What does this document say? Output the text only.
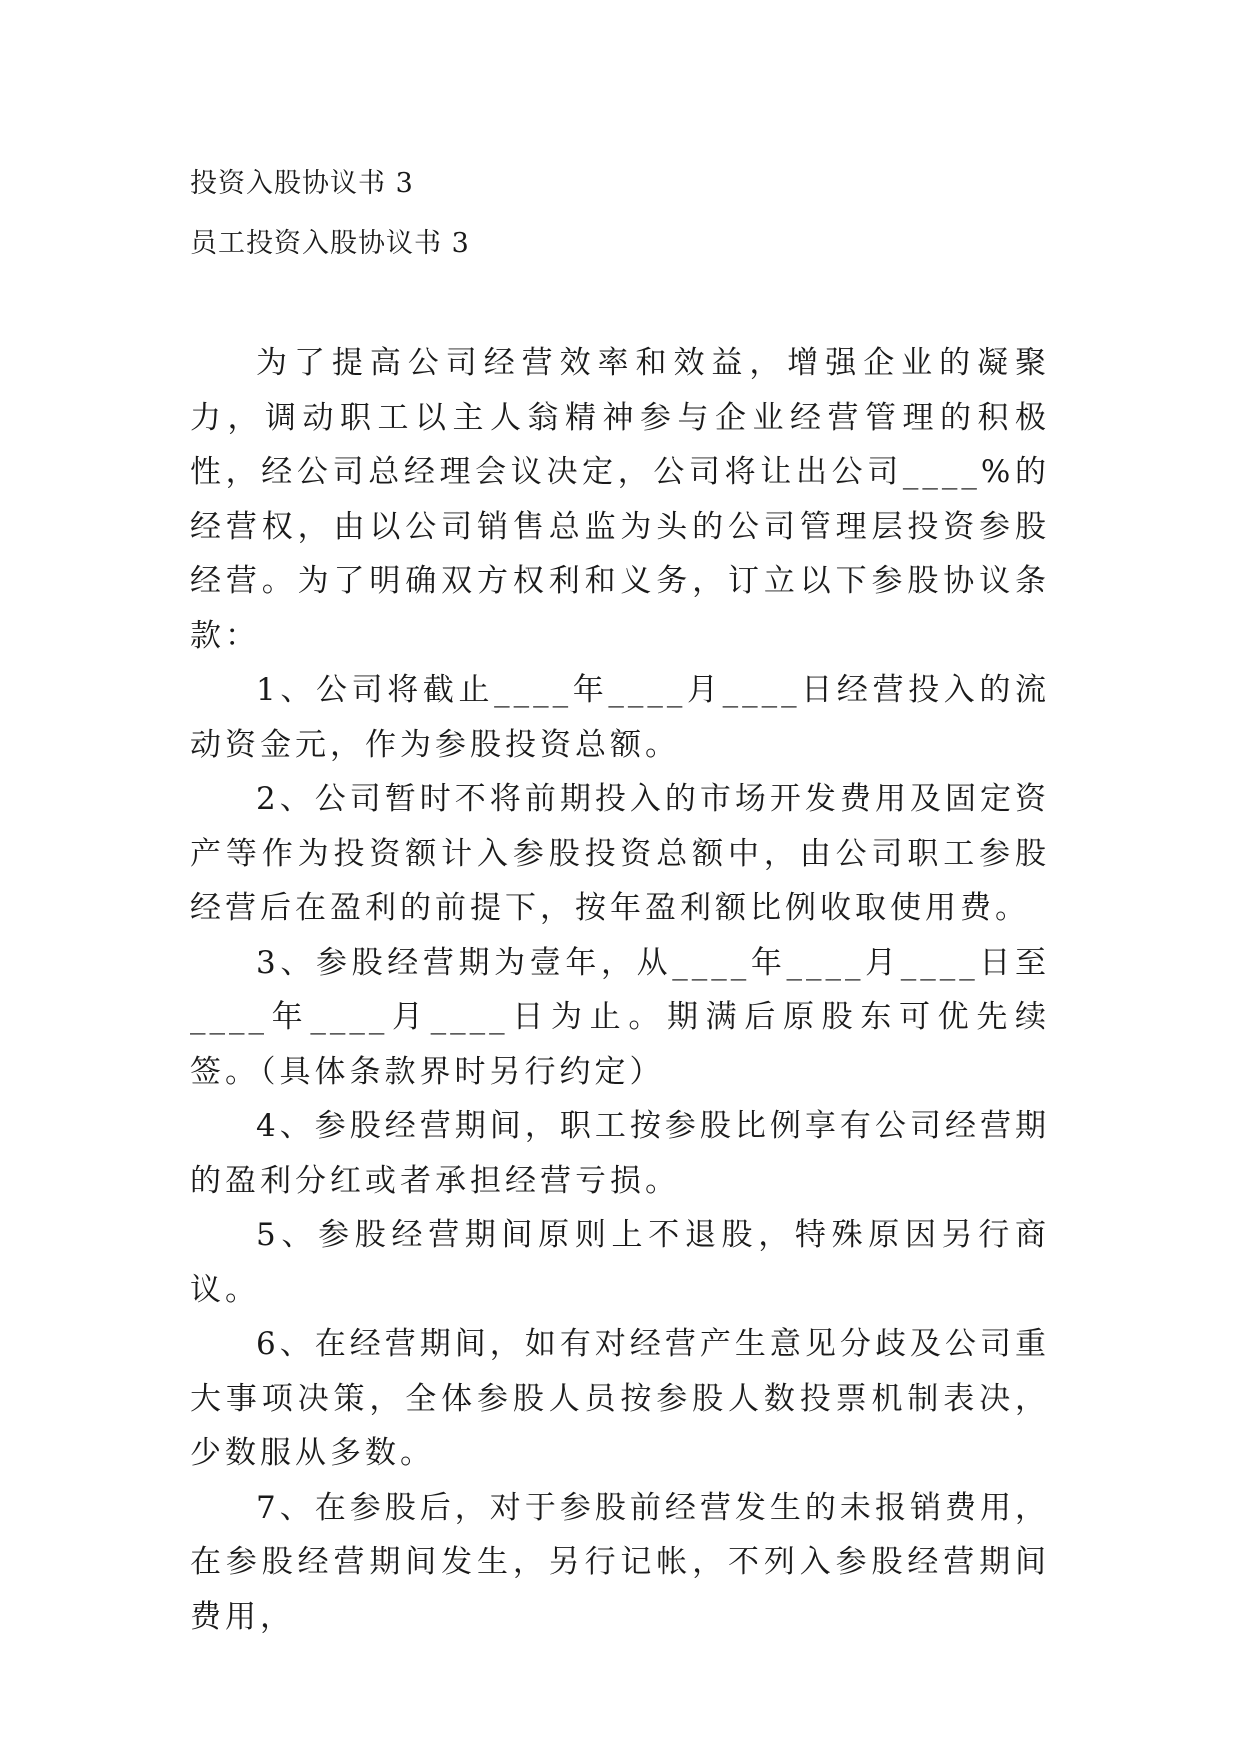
投资入股协议书 3
员工投资入股协议书 3

为了提高公司经营效率和效益，增强企业的凝聚力，调动职工以主人翁精神参与企业经营管理的积极性，经公司总经理会议决定，公司将让出公司____%的经营权，由以公司销售总监为头的公司管理层投资参股经营。为了明确双方权利和义务，订立以下参股协议条款：

1、公司将截止____年____月____日经营投入的流动资金元，作为参股投资总额。

2、公司暂时不将前期投入的市场开发费用及固定资产等作为投资额计入参股投资总额中，由公司职工参股经营后在盈利的前提下，按年盈利额比例收取使用费。

3、参股经营期为壹年，从____年____月____日至____年____月____日为止。期满后原股东可优先续签。（具体条款界时另行约定）

4、参股经营期间，职工按参股比例享有公司经营期的盈利分红或者承担经营亏损。

5、参股经营期间原则上不退股，特殊原因另行商议。

6、在经营期间，如有对经营产生意见分歧及公司重大事项决策，全体参股人员按参股人数投票机制表决，少数服从多数。

7、在参股后，对于参股前经营发生的未报销费用，在参股经营期间发生，另行记帐，不列入参股经营期间费用，
